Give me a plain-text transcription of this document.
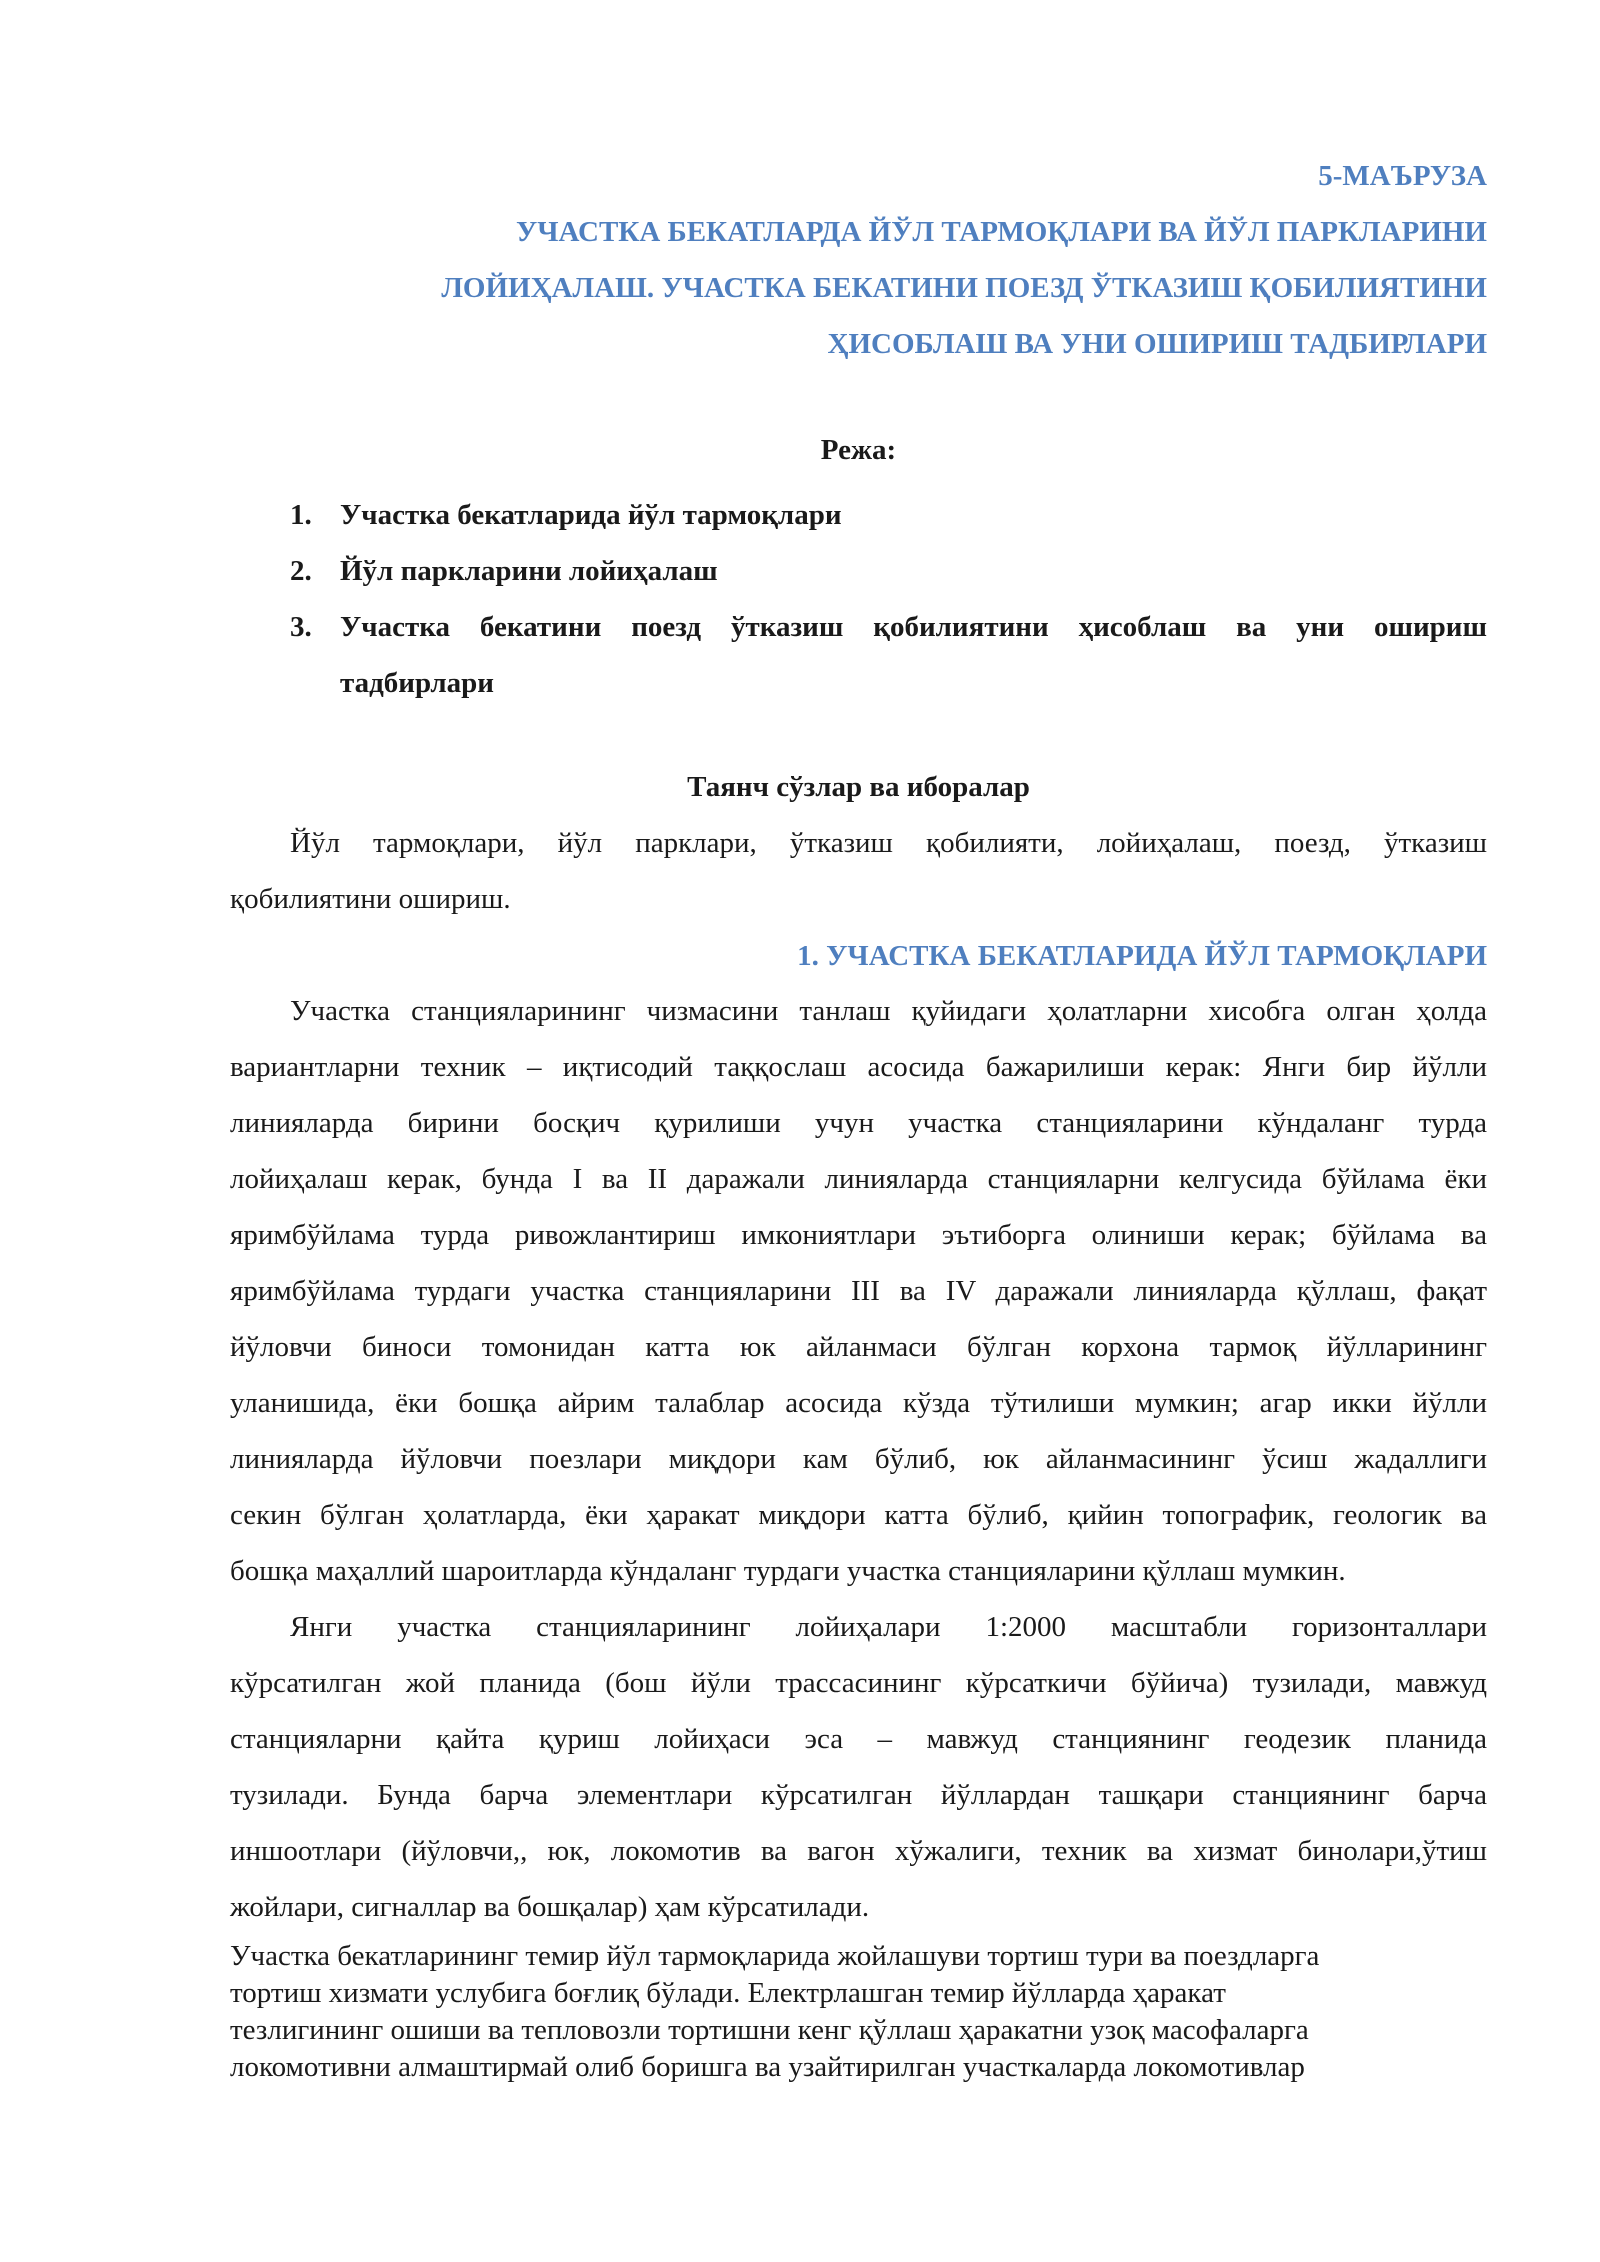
5-МАЪРУЗА
УЧАСТКА БЕКАТЛАРДА ЙЎЛ ТАРМОҚЛАРИ ВА ЙЎЛ ПАРКЛАРИНИ
ЛОЙИҲАЛАШ. УЧАСТКА БЕКАТИНИ ПОЕЗД ЎТКАЗИШ ҚОБИЛИЯТИНИ
ҲИСОБЛАШ ВА УНИ ОШИРИШ ТАДБИРЛАРИ
Режа:
1. Участка бекатларида йўл тармоқлари
2. Йўл паркларини лойиҳалаш
3. Участка бекатини поезд ўтказиш қобилиятини ҳисоблаш ва уни ошириш
тадбирлари
Таянч сўзлар ва иборалар
Йўл тармоқлари, йўл парклари, ўтказиш қобилияти, лойиҳалаш, поезд, ўтказиш
қобилиятини ошириш.
1. УЧАСТКА БЕКАТЛАРИДА ЙЎЛ ТАРМОҚЛАРИ
Участка станцияларининг чизмасини танлаш қуйидаги ҳолатларни хисобга олган ҳолда
вариантларни техник – иқтисодий таққослаш асосида бажарилиши керак: Янги бир йўлли
линияларда бирини босқич қурилиши учун участка станцияларини кўндаланг турда
лойиҳалаш керак, бунда I ва II даражали линияларда станцияларни келгусида бўйлама ёки
яримбўйлама турда ривожлантириш имкониятлари эътиборга олиниши керак; бўйлама ва
яримбўйлама турдаги участка станцияларини III ва IV даражали линияларда қўллаш, фақат
йўловчи биноси томонидан катта юк айланмаси бўлган корхона тармоқ йўлларининг
уланишида, ёки бошқа айрим талаблар асосида кўзда тўтилиши мумкин; агар икки йўлли
линияларда йўловчи поезлари миқдори кам бўлиб, юк айланмасининг ўсиш жадаллиги
секин бўлган ҳолатларда, ёки ҳаракат миқдори катта бўлиб, қийин топографик, геологик ва
бошқа маҳаллий шароитларда кўндаланг турдаги участка станцияларини қўллаш мумкин.
Янги участка станцияларининг лойиҳалари 1:2000 масштабли горизонталлари
кўрсатилган жой планида (бош йўли трассасининг кўрсаткичи бўйича) тузилади, мавжуд
станцияларни қайта қуриш лойиҳаси эса – мавжуд станциянинг геодезик планида
тузилади. Бунда барча элементлари кўрсатилган йўллардан ташқари станциянинг барча
иншоотлари (йўловчи,, юк, локомотив ва вагон хўжалиги, техник ва хизмат бинолари,ўтиш
жойлари, сигналлар ва бошқалар) ҳам кўрсатилади.
Участка бекатларининг темир йўл тармоқларида жойлашуви тортиш тури ва поездларга
тортиш хизмати услубига боғлиқ бўлади. Електрлашган темир йўлларда ҳаракат
тезлигининг ошиши ва тепловозли тортишни кенг қўллаш ҳаракатни узоқ масофаларга
локомотивни алмаштирмай олиб боришга ва узайтирилган участкаларда локомотивлар
